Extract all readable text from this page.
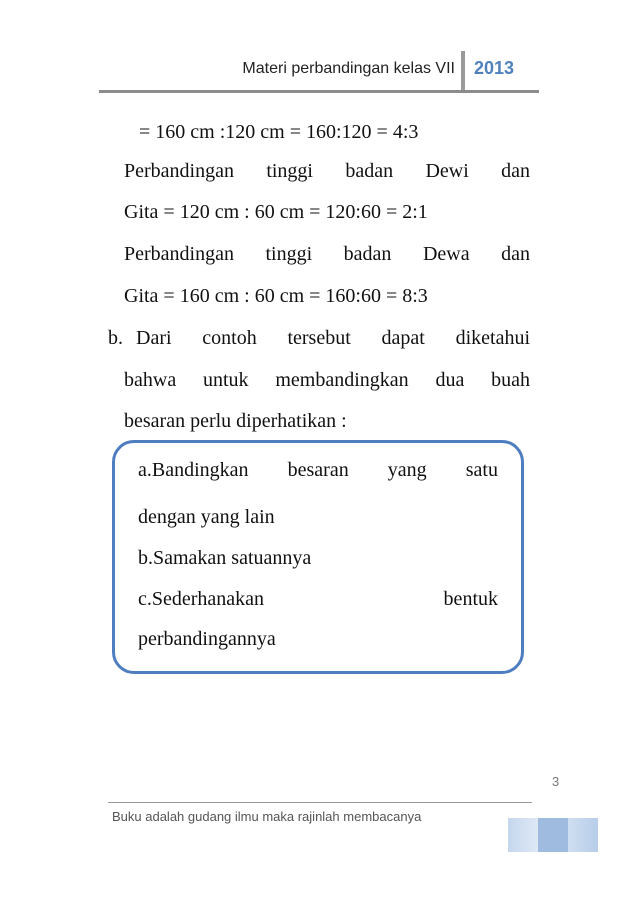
Materi perbandingan kelas VII 2013
= 160 cm :120 cm = 160:120 = 4:3
Perbandingan tinggi badan Dewi dan
Gita = 120 cm : 60 cm = 120:60 = 2:1
Perbandingan tinggi badan Dewa dan
Gita = 160 cm : 60 cm = 160:60 = 8:3
b. Dari contoh tersebut dapat diketahui
bahwa untuk membandingkan dua buah
besaran perlu diperhatikan :
a.Bandingkan besaran yang satu
dengan yang lain
b.Samakan satuannya
c.Sederhanakan bentuk
perbandingannya
3
Buku adalah gudang ilmu maka rajinlah membacanya
